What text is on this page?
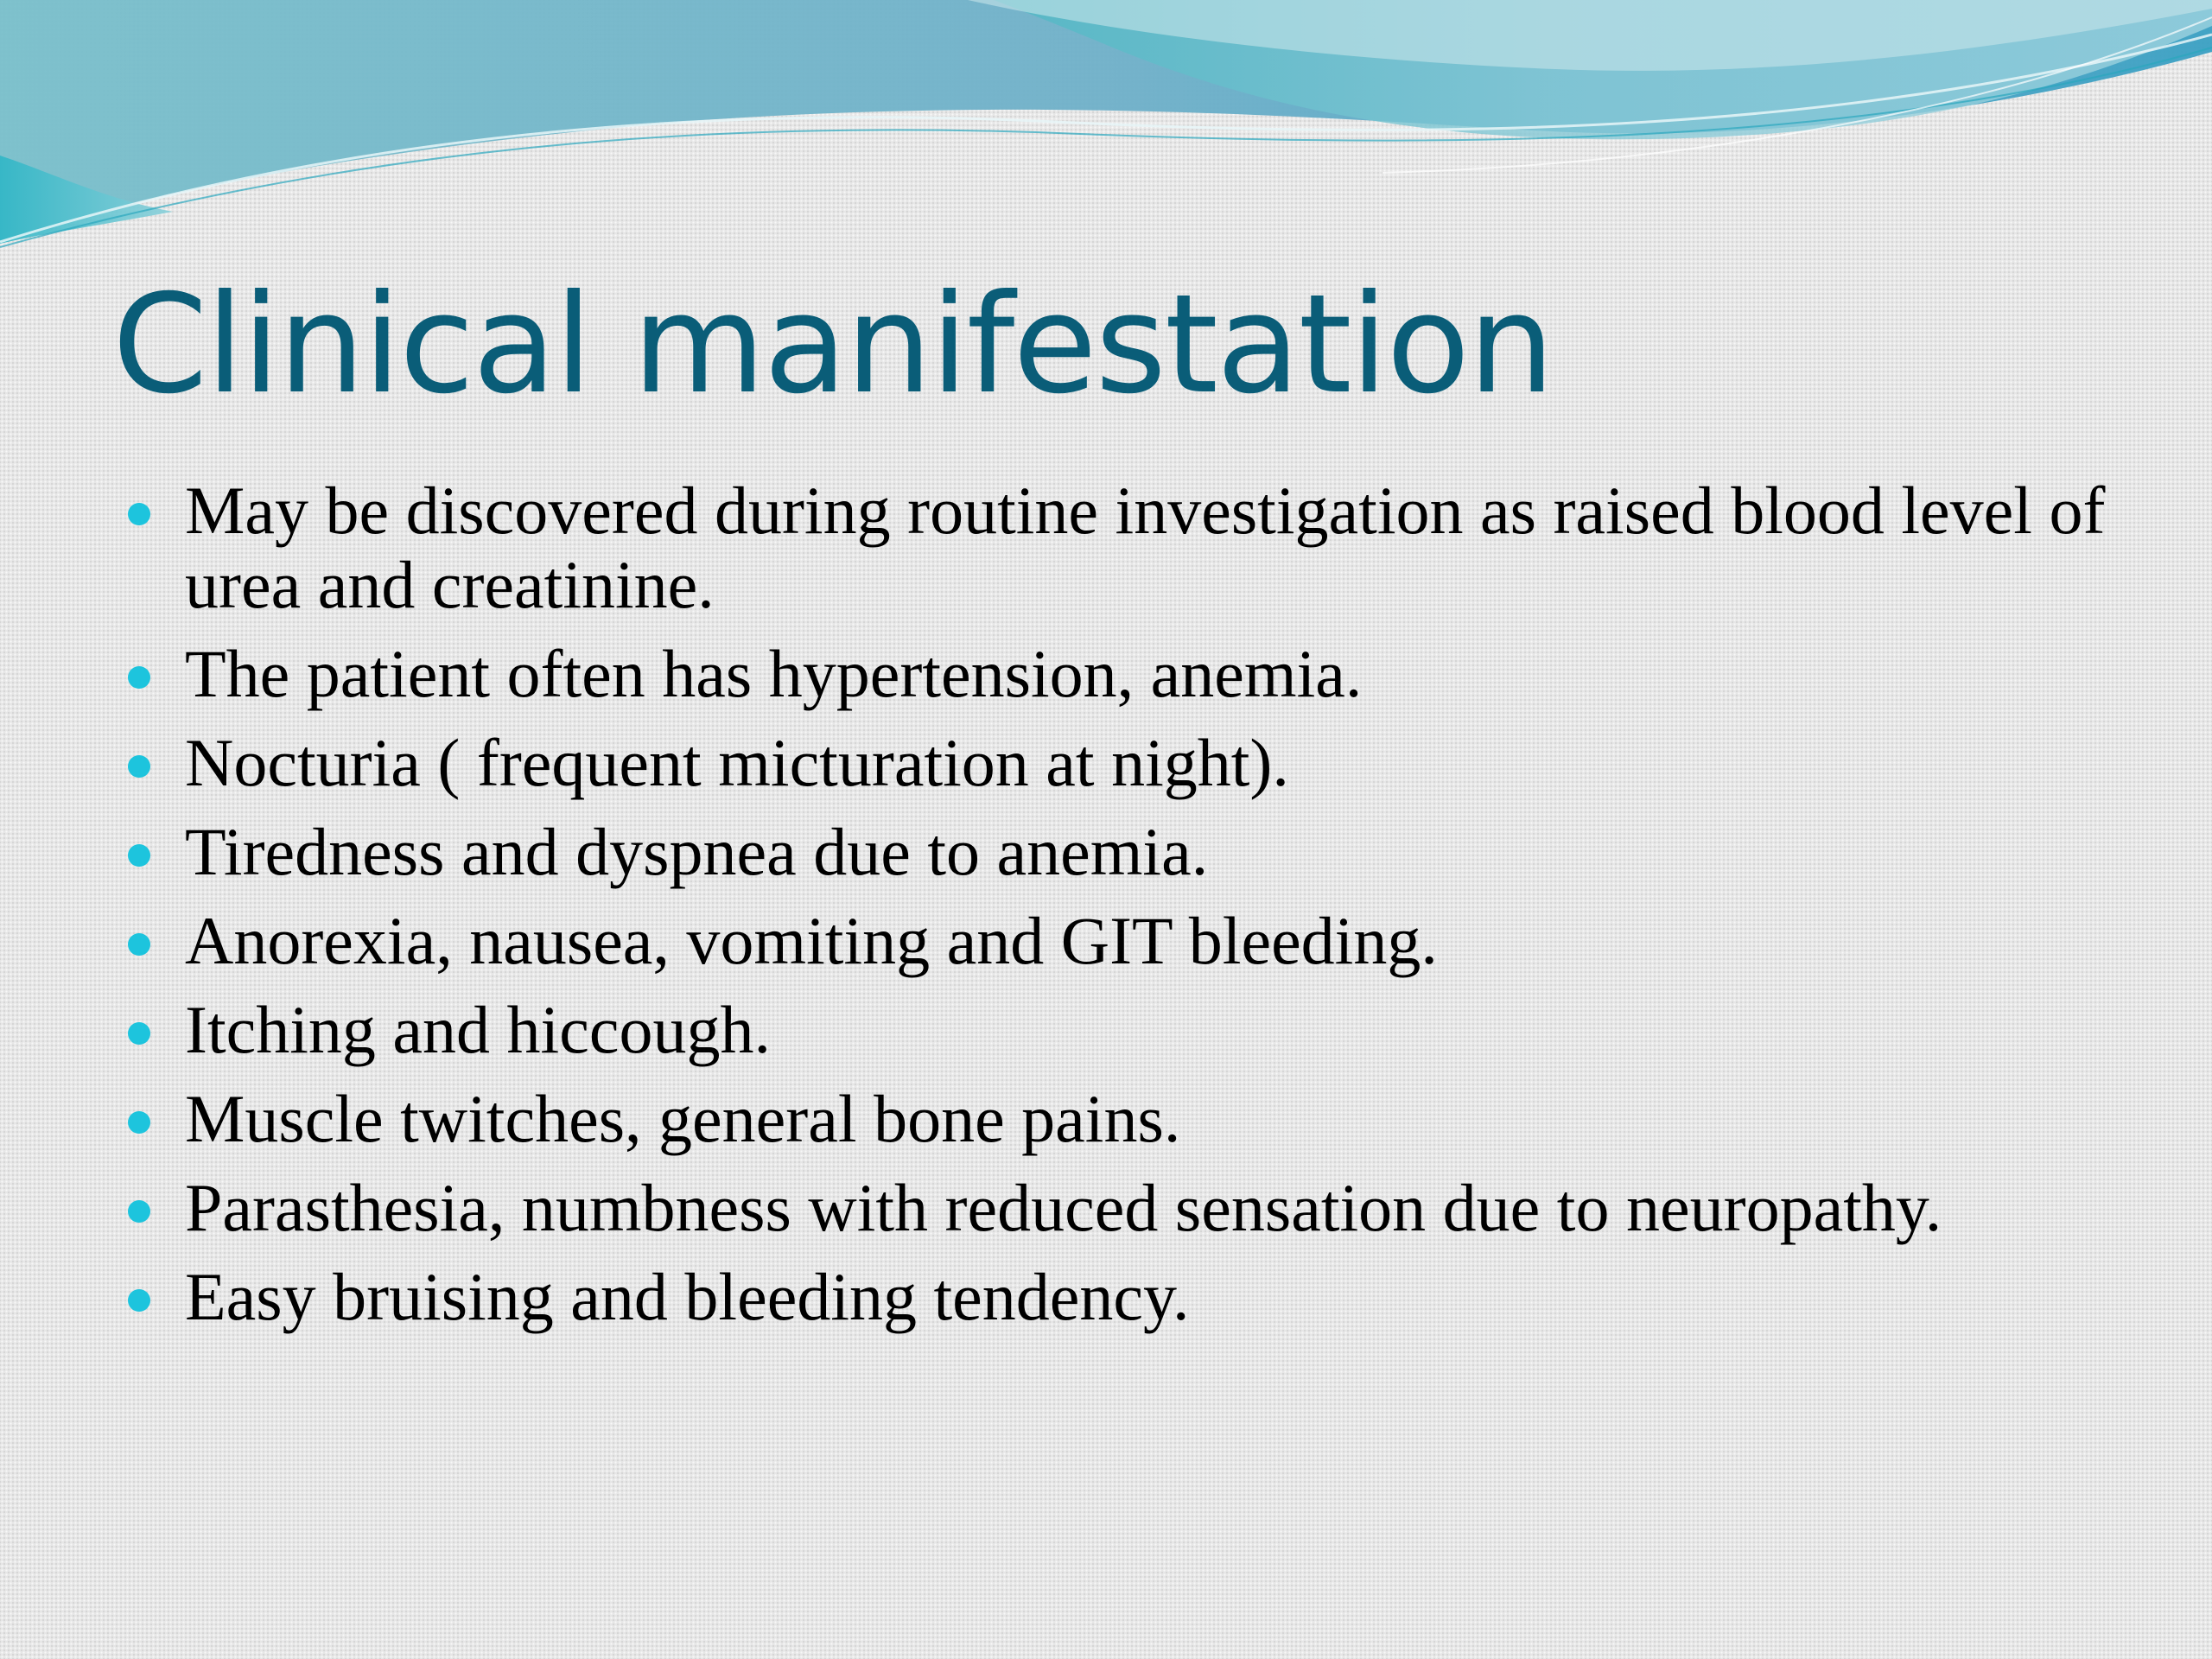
Clinical manifestation
May be discovered during routine investigation as raised blood level of urea and creatinine.
The patient often has hypertension, anemia.
Nocturia ( frequent micturation at night).
Tiredness and dyspnea due to anemia.
Anorexia, nausea, vomiting and GIT bleeding.
Itching and hiccough.
Muscle twitches, general bone pains.
Parasthesia, numbness with reduced sensation due to neuropathy.
Easy bruising and bleeding tendency.
